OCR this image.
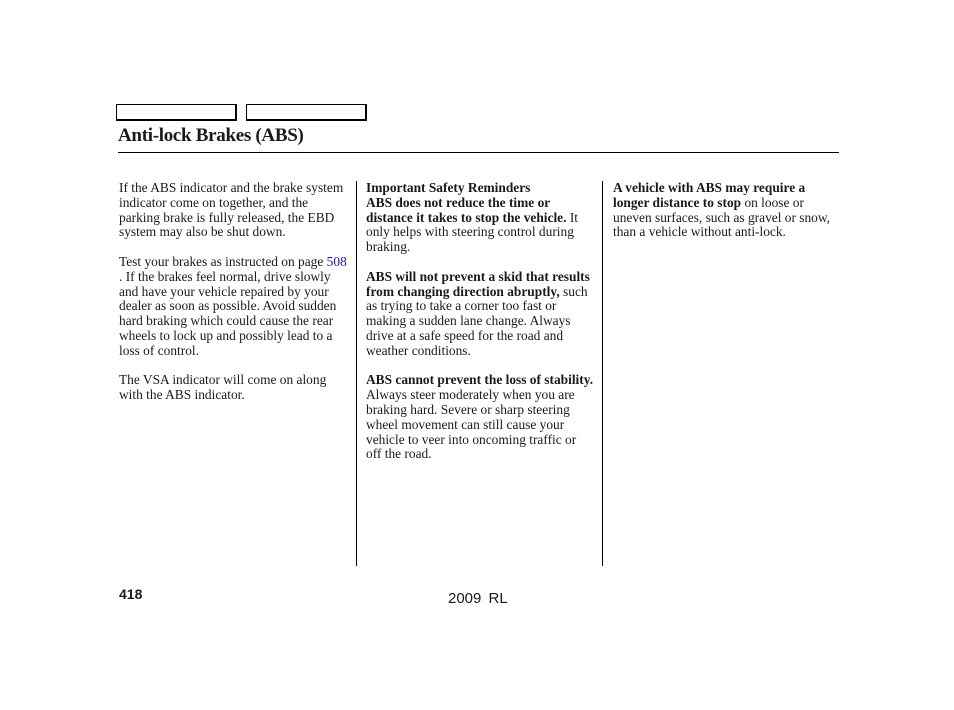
Anti-lock Brakes (ABS)

If the ABS indicator and the brake system indicator come on together, and the parking brake is fully released, the EBD system may also be shut down.

Test your brakes as instructed on page 508 . If the brakes feel normal, drive slowly and have your vehicle repaired by your dealer as soon as possible. Avoid sudden hard braking which could cause the rear wheels to lock up and possibly lead to a loss of control.

The VSA indicator will come on along with the ABS indicator.

Important Safety Reminders
ABS does not reduce the time or distance it takes to stop the vehicle. It only helps with steering control during braking.

ABS will not prevent a skid that results from changing direction abruptly, such as trying to take a corner too fast or making a sudden lane change. Always drive at a safe speed for the road and weather conditions.

ABS cannot prevent the loss of stability. Always steer moderately when you are braking hard. Severe or sharp steering wheel movement can still cause your vehicle to veer into oncoming traffic or off the road.

A vehicle with ABS may require a longer distance to stop on loose or uneven surfaces, such as gravel or snow, than a vehicle without anti-lock.

418	2009 RL
